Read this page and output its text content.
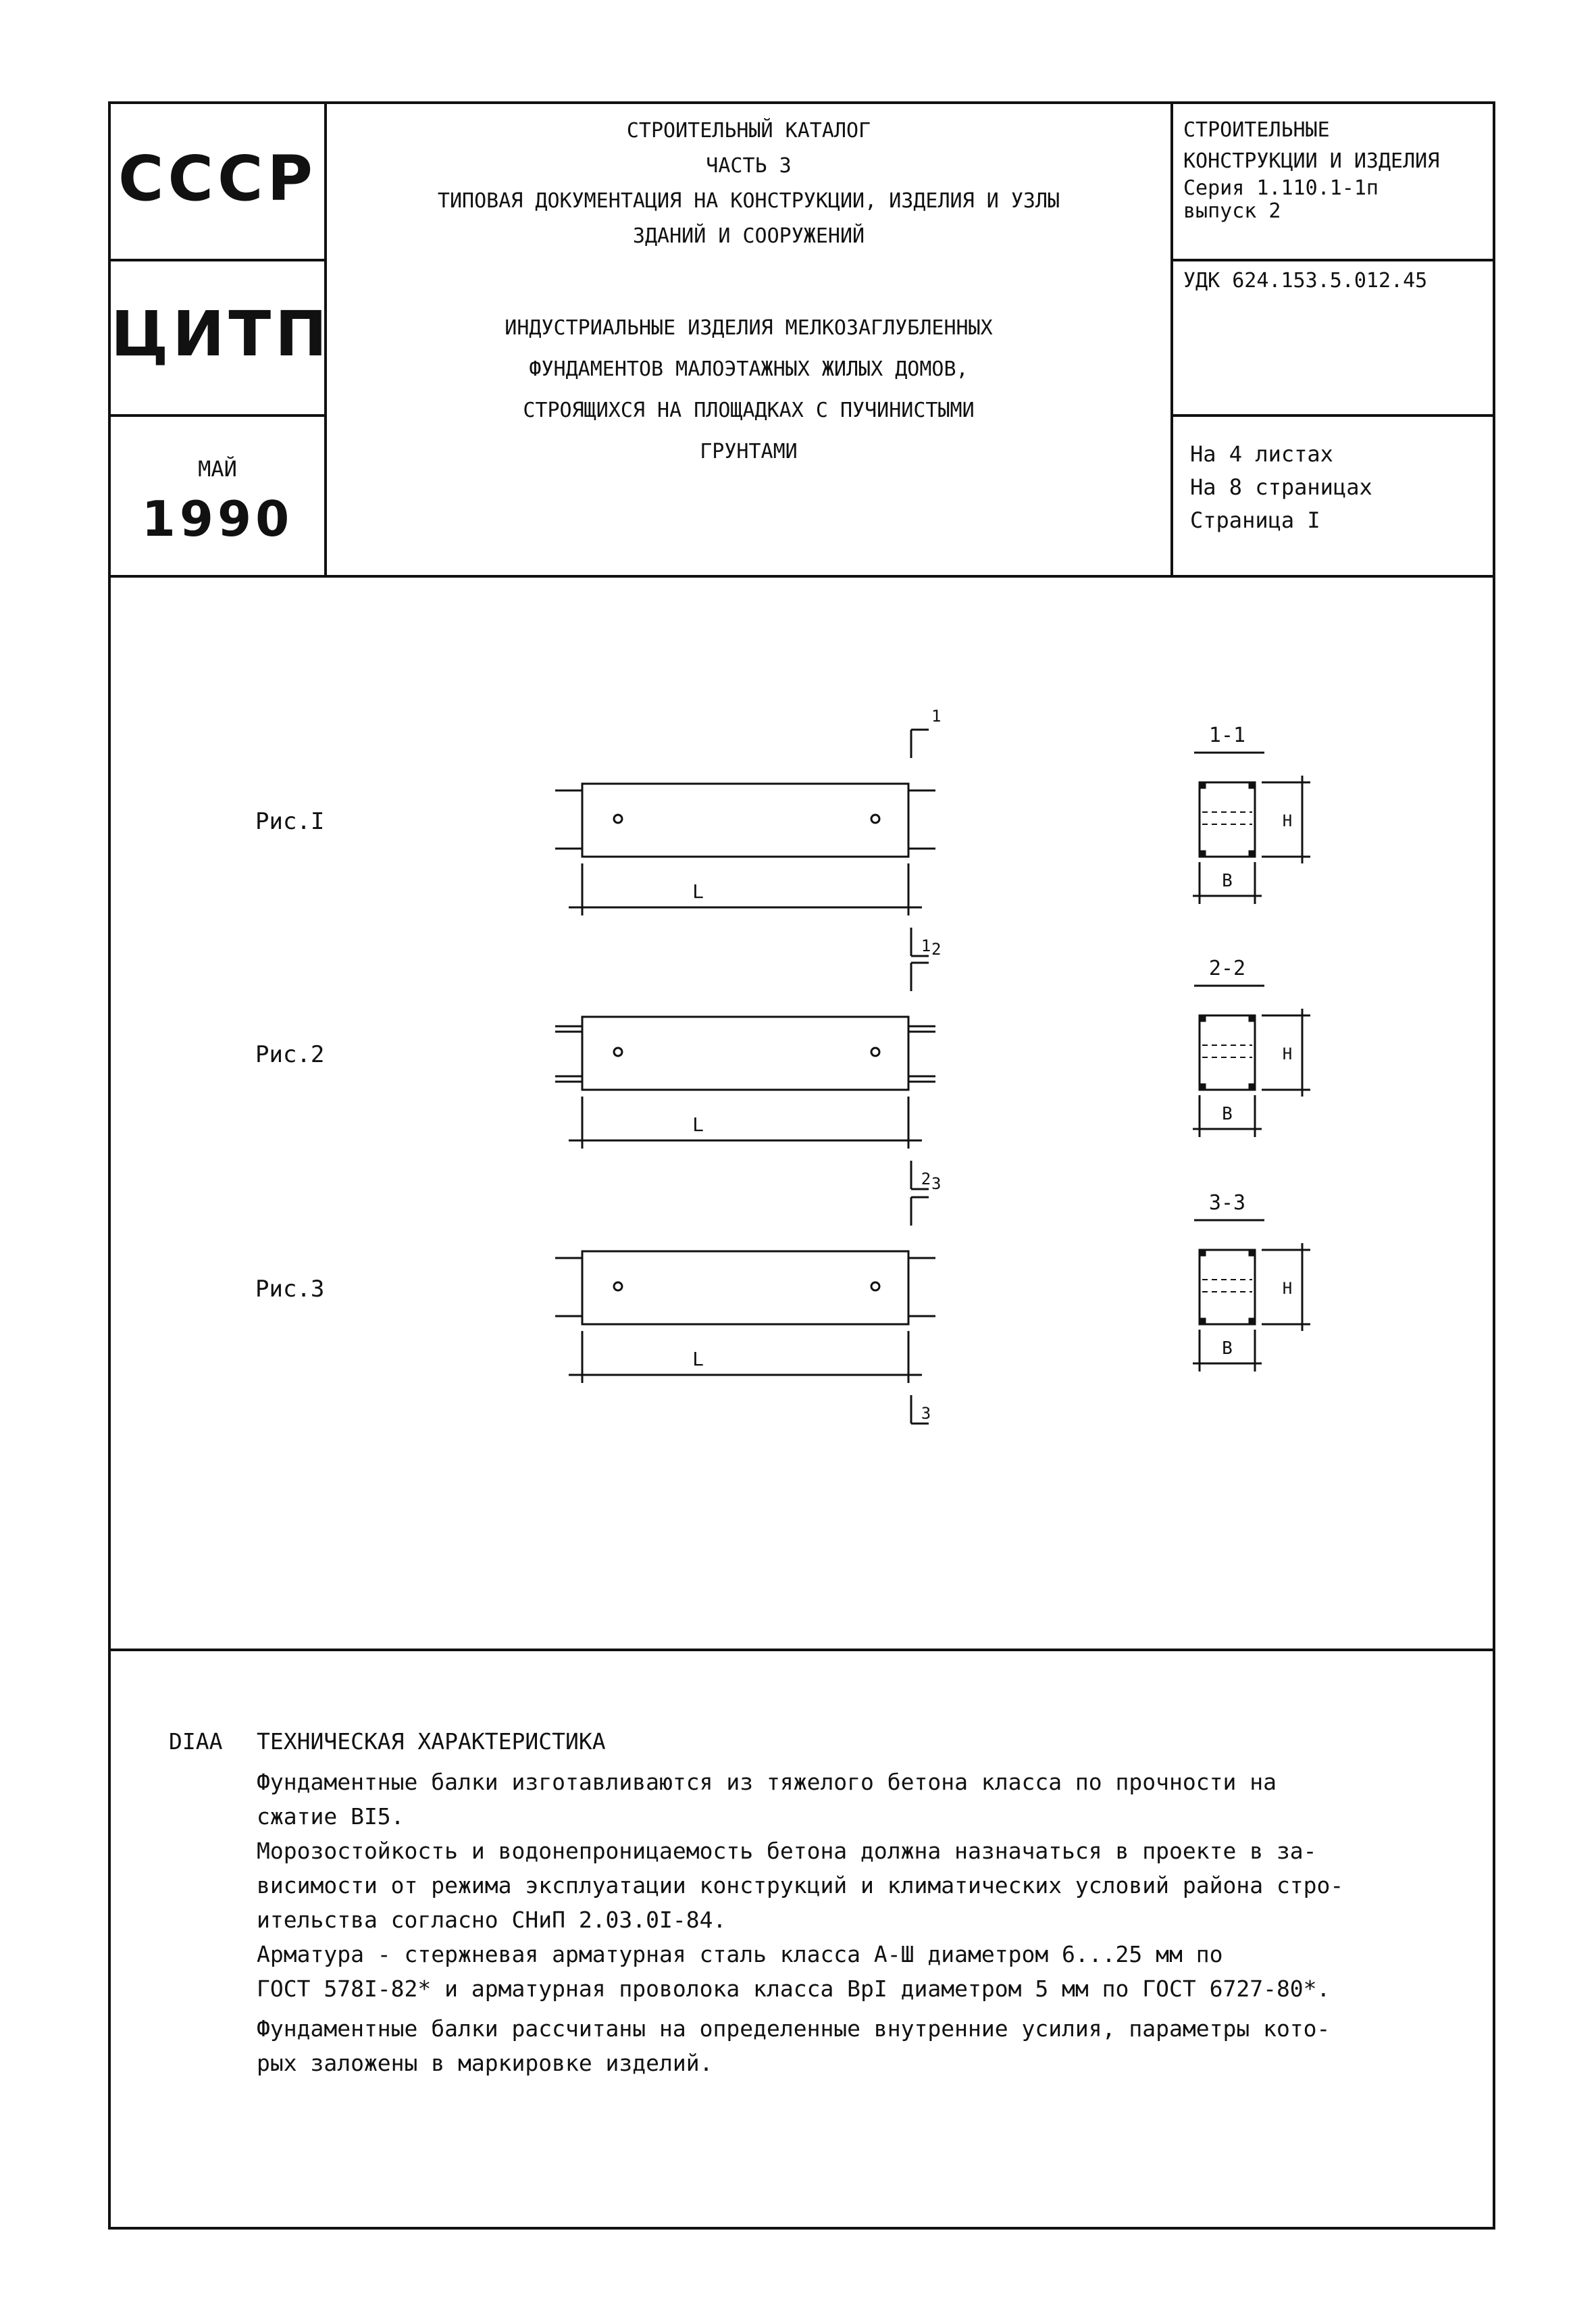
СССР
ЦИТП
МАЙ
1990
СТРОИТЕЛЬНЫЙ КАТАЛОГ
ЧАСТЬ 3
ТИПОВАЯ ДОКУМЕНТАЦИЯ НА КОНСТРУКЦИИ, ИЗДЕЛИЯ И УЗЛЫ
ЗДАНИЙ И СООРУЖЕНИЙ
ИНДУСТРИАЛЬНЫЕ ИЗДЕЛИЯ МЕЛКОЗАГЛУБЛЕННЫХ
ФУНДАМЕНТОВ МАЛОЭТАЖНЫХ ЖИЛЫХ ДОМОВ,
СТРОЯЩИХСЯ НА ПЛОЩАДКАХ С ПУЧИНИСТЫМИ
ГРУНТАМИ
СТРОИТЕЛЬНЫЕ
КОНСТРУКЦИИ И ИЗДЕЛИЯ
Серия 1.110.1-1п
выпуск 2
УДК 624.153.5.012.45
На 4 листах
На 8 страницах
Страница I
L
1
1
1-1
H
B
L
2
2
2-2
H
B
L
3
3
3-3
H
B
DIAA ТЕХНИЧЕСКАЯ ХАРАКТЕРИСТИКА
Фундаментные балки изготавливаются из тяжелого бетона класса по прочности на
сжатие BI5.
Морозостойкость и водонепроницаемость бетона должна назначаться в проекте в за-
висимости от режима эксплуатации конструкций и климатических условий района стро-
ительства согласно СНиП 2.03.0I-84.
Арматура - стержневая арматурная сталь класса А-Ш диаметром 6...25 мм по
ГОСТ 578I-82* и арматурная проволока класса BpI диаметром 5 мм по ГОСТ 6727-80*.
Фундаментные балки рассчитаны на определенные внутренние усилия, параметры кото-
рых заложены в маркировке изделий.
Рис.I
Рис.2
Рис.3
